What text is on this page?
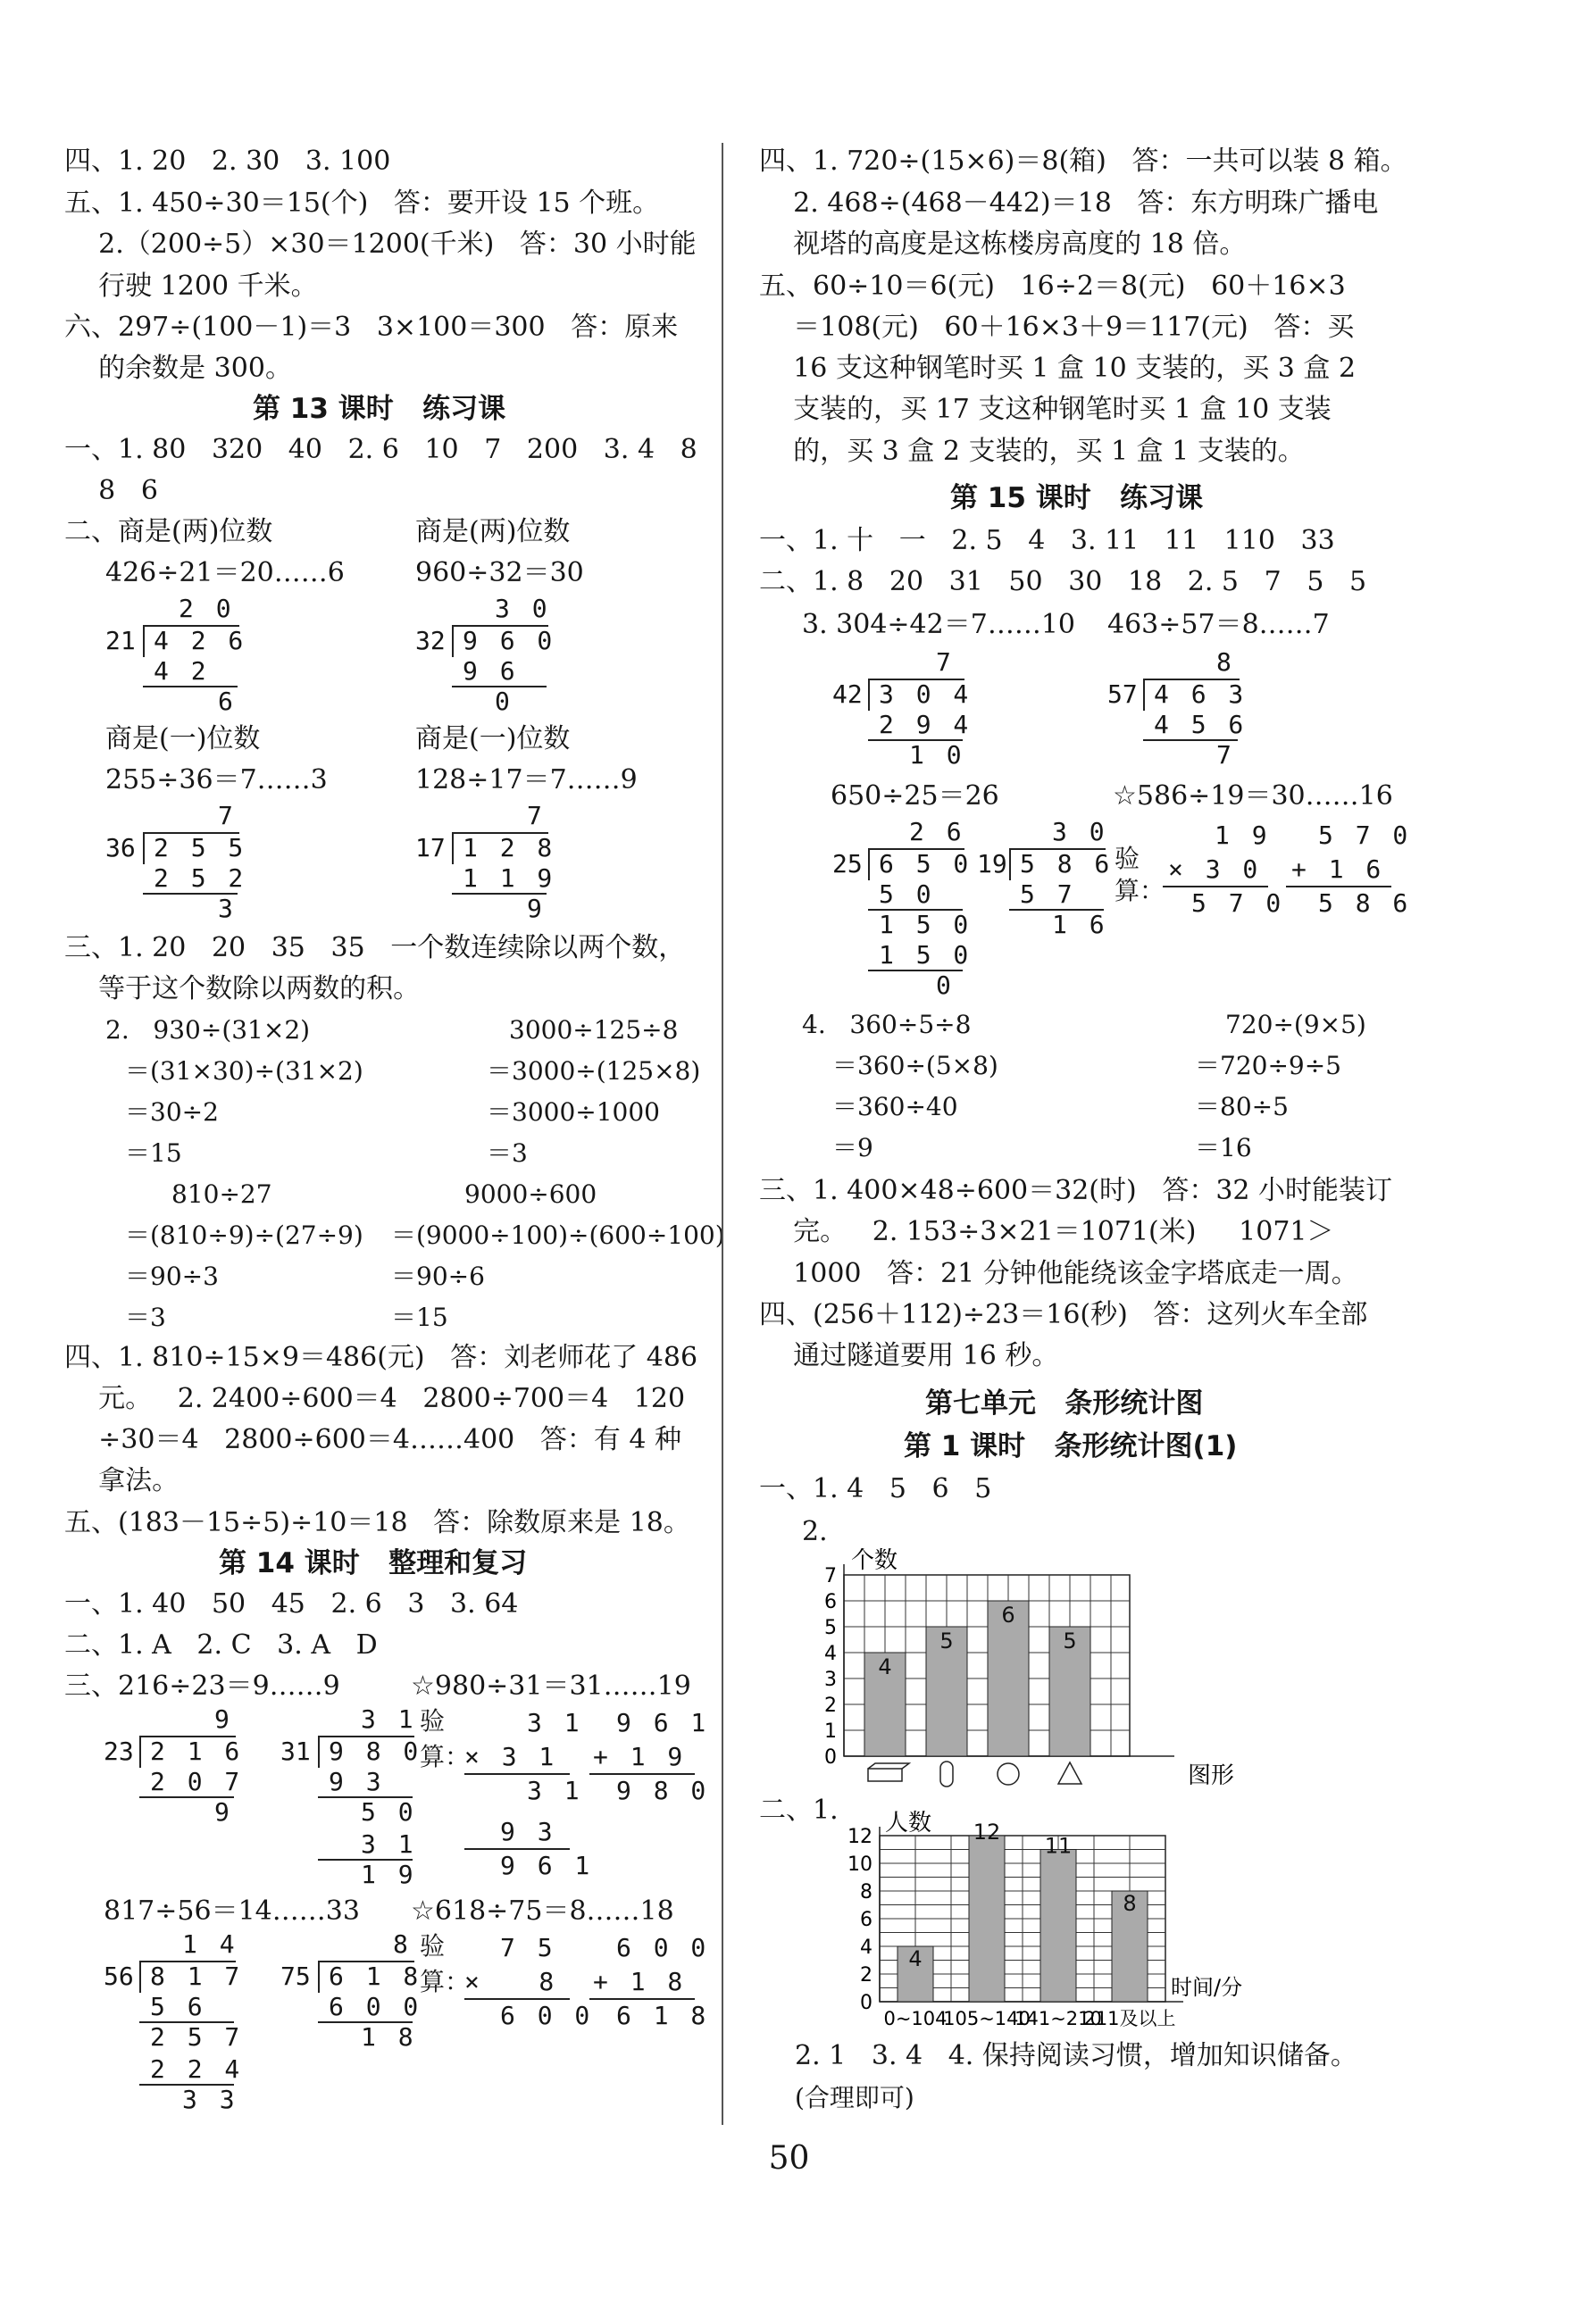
四、1. 20   2. 30   3. 100
五、1. 450÷30＝15(个)   答：要开设 15 个班。
2.（200÷5）×30＝1200(千米)   答：30 小时能
行驶 1200 千米。
六、297÷(100－1)＝3   3×100＝300   答：原来
的余数是 300。
第 13 课时   练习课
一、1. 80   320   40   2. 6   10   7   200   3. 4   8
8   6
二、商是(两)位数	商是(两)位数
426÷21＝20……6	960÷32＝30
2 0
21 4 2 6
4 2
6
3 0
32 9 6 0
9 6
0
商是(一)位数	商是(一)位数
255÷36＝7……3	128÷17＝7……9
7
36 2 5 5
2 5 2
3
7
17 1 2 8
1 1 9
9
三、1. 20   20   35   35   一个数连续除以两个数，
等于这个数除以两数的积。
2.   930÷(31×2)
＝(31×30)÷(31×2)
＝30÷2
＝15
3000÷125÷8
＝3000÷(125×8)
＝3000÷1000
＝3
810÷27
＝(810÷9)÷(27÷9)
＝90÷3
＝3
9000÷600
＝(9000÷100)÷(600÷100)
＝90÷6
＝15
四、1. 810÷15×9＝486(元)   答：刘老师花了 486
元。   2. 2400÷600＝4   2800÷700＝4   120
÷30＝4   2800÷600＝4……400   答：有 4 种
拿法。
五、(183－15÷5)÷10＝18   答：除数原来是 18。
第 14 课时   整理和复习
一、1. 40   50   45   2. 6   3   3. 64
二、1. A   2. C   3. A   D
三、216÷23＝9……9	☆980÷31＝31……19
9
23 2 1 6
2 0 7
9
3 1
31 9 8 0
9 3
5 0
3 1
1 9
验
算：
3 1
× 3 1
3 1
9 3
9 6 1
9 6 1
+ 1 9
9 8 0
817÷56＝14……33 ☆618÷75＝8……18
1 4
56 8 1 7
5 6
2 5 7
2 2 4
3 3
8
75 6 1 8
6 0 0
1 8
验
算：
7 5
×   8
6 0 0
6 0 0
+ 1 8
6 1 8
四、1. 720÷(15×6)＝8(箱)   答：一共可以装 8 箱。
2. 468÷(468－442)＝18   答：东方明珠广播电
视塔的高度是这栋楼房高度的 18 倍。
五、60÷10＝6(元)   16÷2＝8(元)   60＋16×3
＝108(元)   60＋16×3＋9＝117(元)   答：买
16 支这种钢笔时买 1 盒 10 支装的，买 3 盒 2
支装的，买 17 支这种钢笔时买 1 盒 10 支装
的，买 3 盒 2 支装的，买 1 盒 1 支装的。
第 15 课时   练习课
一、1. 十   一   2. 5   4   3. 11   11   110   33
二、1. 8   20   31   50   30   18   2. 5   7   5   5
3. 304÷42＝7……10 463÷57＝8……7
7
42 3 0 4
2 9 4
1 0
8
57 4 6 3
4 5 6
7
650÷25＝26	☆586÷19＝30……16
2 6
25 6 5 0
5 0
1 5 0
1 5 0
0
3 0
19 5 8 6
5 7
1 6
验
算：
1 9
× 3 0
5 7 0
5 7 0
+ 1 6
5 8 6
4.   360÷5÷8
＝360÷(5×8)
＝360÷40
＝9
720÷(9×5)
＝720÷9÷5
＝80÷5
＝16
三、1. 400×48÷600＝32(时)   答：32 小时能装订
完。   2. 153÷3×21＝1071(米)     1071＞
1000   答：21 分钟他能绕该金字塔底走一周。
四、(256＋112)÷23＝16(秒)   答：这列火车全部
通过隧道要用 16 秒。
第七单元   条形统计图
第 1 课时   条形统计图(1)
一、1. 4   5   6   5
2.
个数
0
1
2
3
4
5
6
7
4
5
6
5
图形
二、1. 人数
0
2
4
6
8
10
12
4
12
11
8
时间/分
0~104
105~140
141~210
211及以上
2. 1   3. 4   4. 保持阅读习惯，增加知识储备。
(合理即可)
50
